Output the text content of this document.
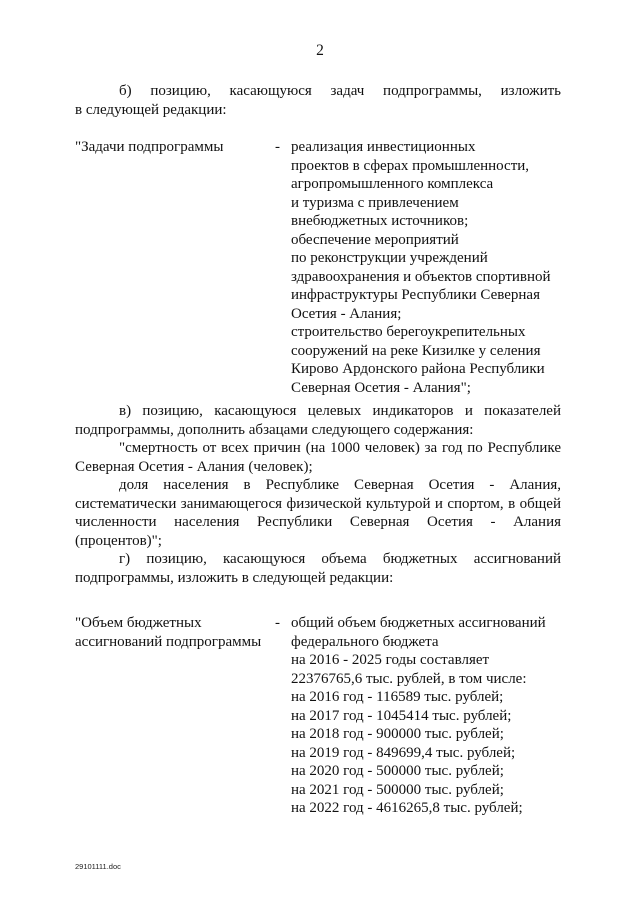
2
б) позицию, касающуюся задач подпрограммы, изложить
в следующей редакции:
"Задачи подпрограммы	- реализация инвестиционных
проектов в сферах промышленности,
агропромышленного комплекса
и туризма с привлечением
внебюджетных источников;
обеспечение мероприятий
по реконструкции учреждений
здравоохранения и объектов спортивной
инфраструктуры Республики Северная
Осетия - Алания;
строительство берегоукрепительных
сооружений на реке Кизилке у селения
Кирово Ардонского района Республики
Северная Осетия - Алания";
в) позицию, касающуюся целевых индикаторов и показателей
подпрограммы, дополнить абзацами следующего содержания:
"смертность от всех причин (на 1000 человек) за год по Республике
Северная Осетия - Алания (человек);
доля населения в Республике Северная Осетия - Алания,
систематически занимающегося физической культурой и спортом, в общей
численности населения Республики Северная Осетия - Алания
(процентов)";
г) позицию, касающуюся объема бюджетных ассигнований
подпрограммы, изложить в следующей редакции:
"Объем бюджетных
ассигнований подпрограммы
- общий объем бюджетных ассигнований
федерального бюджета
на 2016 - 2025 годы составляет
22376765,6 тыс. рублей, в том числе:
на 2016 год - 116589 тыс. рублей;
на 2017 год - 1045414 тыс. рублей;
на 2018 год - 900000 тыс. рублей;
на 2019 год - 849699,4 тыс. рублей;
на 2020 год - 500000 тыс. рублей;
на 2021 год - 500000 тыс. рублей;
на 2022 год - 4616265,8 тыс. рублей;
29101111.doc
